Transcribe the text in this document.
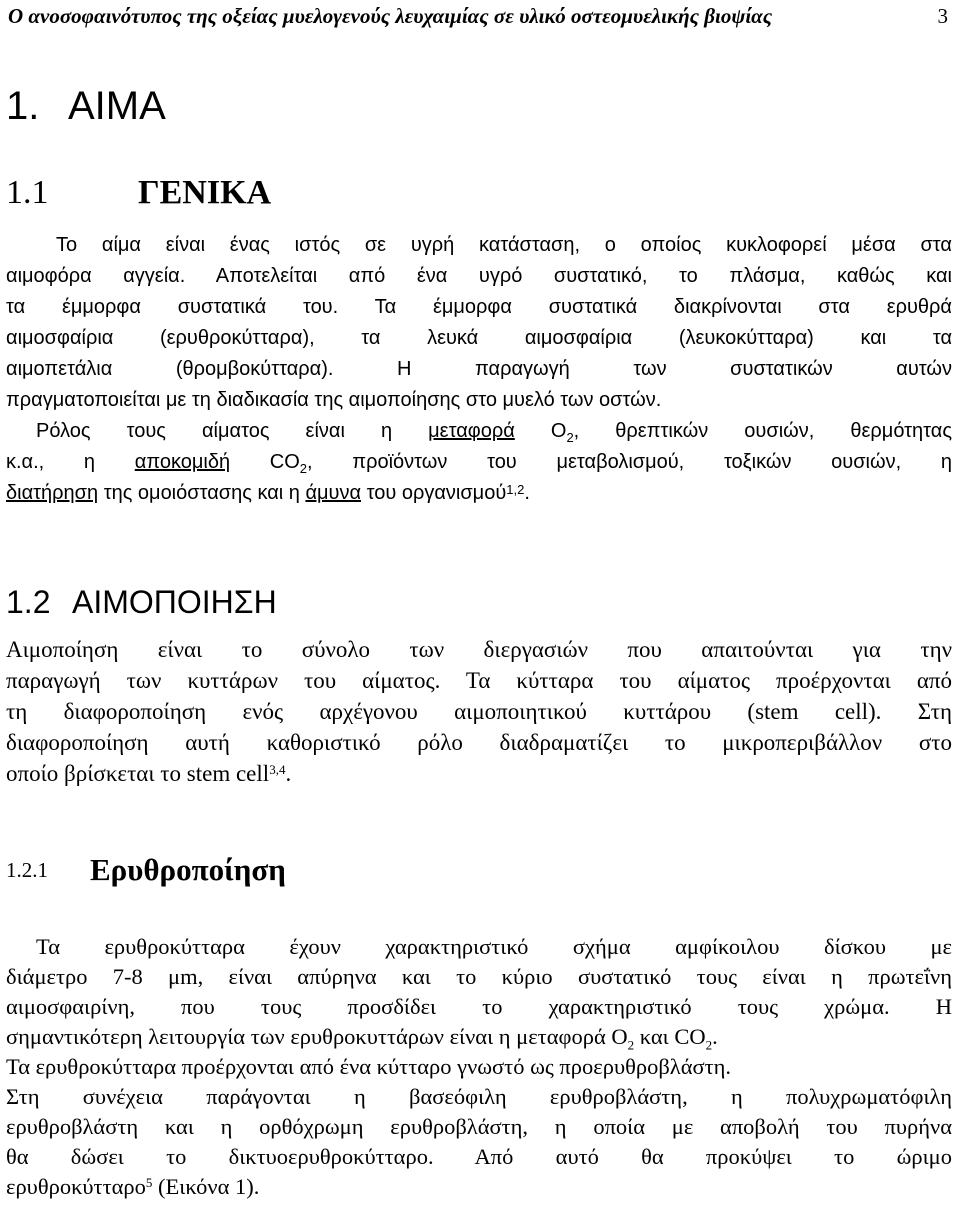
Ο ανοσοφαινότυπος της οξείας μυελογενούς λευχαιμίας σε υλικό οστεομυελικής βιοψίας	3
1. ΑΙΜΑ
1.1	ΓΕΝΙΚΑ
Το αίμα είναι ένας ιστός σε υγρή κατάσταση, ο οποίος κυκλοφορεί μέσα στα
αιμοφόρα αγγεία. Αποτελείται από ένα υγρό συστατικό, το πλάσμα, καθώς και
τα έμμορφα συστατικά του. Τα έμμορφα συστατικά διακρίνονται στα ερυθρά
αιμοσφαίρια (ερυθροκύτταρα), τα λευκά αιμοσφαίρια (λευκοκύτταρα) και τα
αιμοπετάλια (θρομβοκύτταρα). Η παραγωγή των συστατικών αυτών
πραγματοποιείται με τη διαδικασία της αιμοποίησης στο μυελό των οστών.
Ρόλος τους αίματος είναι η μεταφορά $O_2$, θρεπτικών ουσιών, θερμότητας
κ.α., η αποκομιδή $CO_2$, προϊόντων του μεταβολισμού, τοξικών ουσιών, η
διατήρηση της ομοιόστασης και η άμυνα του οργανισμού$^{1,2}$.
1.2 ΑΙΜΟΠΟΙΗΣΗ
Αιμοποίηση είναι το σύνολο των διεργασιών που απαιτούνται για την
παραγωγή των κυττάρων του αίματος. Τα κύτταρα του αίματος προέρχονται από
τη διαφοροποίηση ενός αρχέγονου αιμοποιητικού κυττάρου (stem cell). Στη
διαφοροποίηση αυτή καθοριστικό ρόλο διαδραματίζει το μικροπεριβάλλον στο
οποίο βρίσκεται το stem cell$^{3,4}$.
1.2.1 Ερυθροποίηση
Τα ερυθροκύτταρα έχουν χαρακτηριστικό σχήμα αμφίκοιλου δίσκου με
διάμετρο 7-8 μm, είναι απύρηνα και το κύριο συστατικό τους είναι η πρωτεΐνη
αιμοσφαιρίνη, που τους προσδίδει το χαρακτηριστικό τους χρώμα. Η
σημαντικότερη λειτουργία των ερυθροκυττάρων είναι η μεταφορά $O_2$ και $CO_2$.
Τα ερυθροκύτταρα προέρχονται από ένα κύτταρο γνωστό ως προερυθροβλάστη.
Στη συνέχεια παράγονται η βασεόφιλη ερυθροβλάστη, η πολυχρωματόφιλη
ερυθροβλάστη και η ορθόχρωμη ερυθροβλάστη, η οποία με αποβολή του πυρήνα
θα δώσει το δικτυοερυθροκύτταρο. Από αυτό θα προκύψει το ώριμο
ερυθροκύτταρο$^5$ (Εικόνα 1).
